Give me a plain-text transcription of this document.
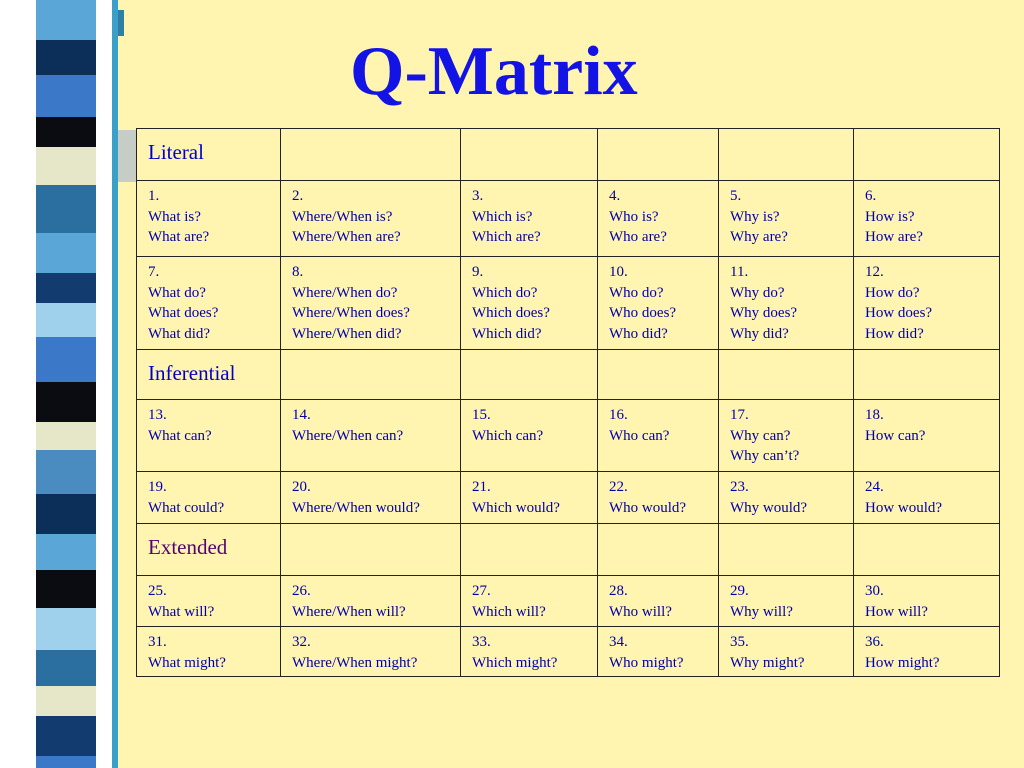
Q-Matrix
Literal					

1.
What is?
What are?	2.
Where/When is?
Where/When are?	3.
Which is?
Which are?	4.
Who is?
Who are?	5.
Why is?
Why are?	6.
How is?
How are?

7.
What do?
What does?
What did?	8.
Where/When do?
Where/When does?
Where/When did?	9.
Which do?
Which does?
Which did?	10.
Who do?
Who does?
Who did?	11.
Why do?
Why does?
Why did?	12.
How do?
How does?
How did?

Inferential					

13.
What can?	14.
Where/When can?	15.
Which can?	16.
Who can?	17.
Why can?
Why can’t?	18.
How can?

19.
What could?	20.
Where/When would?	21.
Which would?	22.
Who would?	23.
Why would?	24.
How would?

Extended					

25.
What will?	26.
Where/When will?	27.
Which will?	28.
Who will?	29.
Why will?	30.
How will?

31.
What might?	32.
Where/When might?	33.
Which might?	34.
Who might?	35.
Why might?	36.
How might?
